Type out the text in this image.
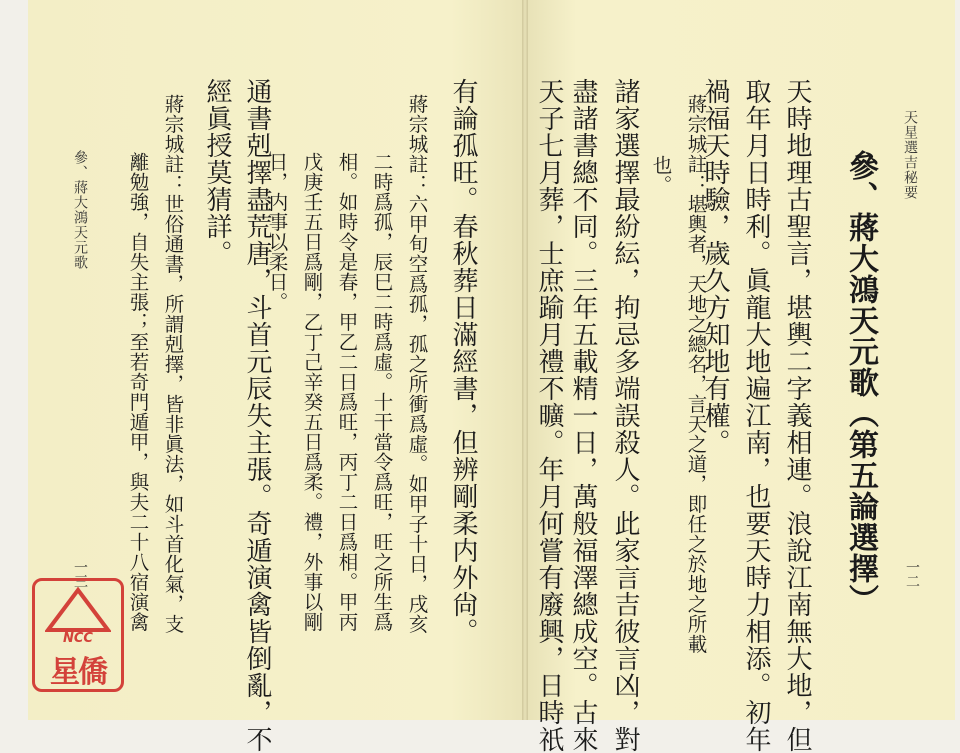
天星選吉秘要
參、蔣大鴻天元歌（第五論選擇） 一二
天時地理古聖言，堪輿二字義相連。浪說江南無大地，但
取年月日時利。眞龍大地遍江南，也要天時力相添。初年
禍福天時驗，歲久方知地有權。
蔣宗城註：堪輿者，天地之總名，言天之道，即任之於地之所載
也。
諸家選擇最紛紜，拘忌多端誤殺人。此家言吉彼言凶，對
盡諸書總不同。三年五載精一日，萬般福澤總成空。古來
天子七月葬，士庶踰月禮不曠。年月何嘗有廢興，日時祇
有論孤旺。春秋葬日滿經書，但辨剛柔内外尙。
蔣宗城註：六甲旬空爲孤，孤之所衝爲虛。如甲子十日，戌亥
二時爲孤，辰巳二時爲虛。十干當令爲旺，旺之所生爲
相。如時令是春，甲乙二日爲旺，丙丁二日爲相。甲丙
戊庚壬五日爲剛，乙丁己辛癸五日爲柔。禮，外事以剛
日，内事以柔日。
通書剋擇盡荒唐，斗首元辰失主張。奇遁演禽皆倒亂，不
經眞授莫猜詳。
蔣宗城註：世俗通書，所謂剋擇，皆非眞法，如斗首化氣，支
離勉強，自失主張；至若奇門遁甲，與夫二十八宿演禽
參、蔣大鴻天元歌
一三
NCC
星僑
